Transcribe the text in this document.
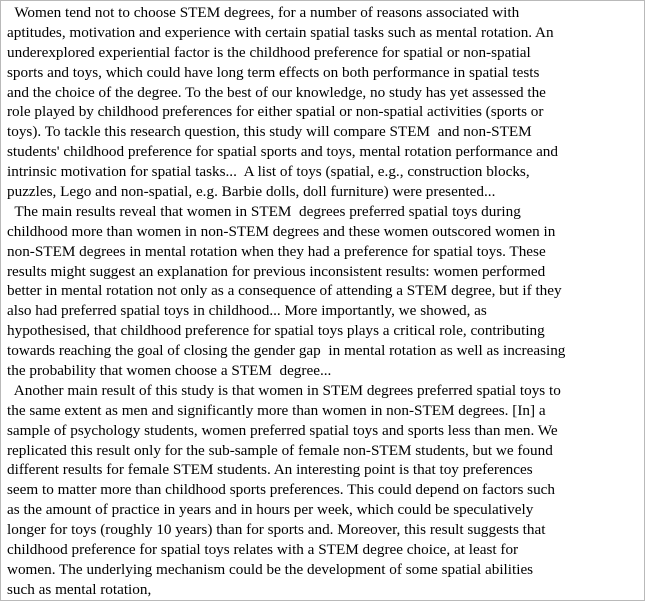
Women tend not to choose STEM degrees, for a number of reasons associated with
aptitudes, motivation and experience with certain spatial tasks such as mental rotation. An
underexplored experiential factor is the childhood preference for spatial or non-spatial
sports and toys, which could have long term effects on both performance in spatial tests
and the choice of the degree. To the best of our knowledge, no study has yet assessed the
role played by childhood preferences for either spatial or non-spatial activities (sports or
toys). To tackle this research question, this study will compare STEM  and non-STEM
students' childhood preference for spatial sports and toys, mental rotation performance and
intrinsic motivation for spatial tasks...  A list of toys (spatial, e.g., construction blocks,
puzzles, Lego and non-spatial, e.g. Barbie dolls, doll furniture) were presented...
The main results reveal that women in STEM  degrees preferred spatial toys during
childhood more than women in non-STEM degrees and these women outscored women in
non-STEM degrees in mental rotation when they had a preference for spatial toys. These
results might suggest an explanation for previous inconsistent results: women performed
better in mental rotation not only as a consequence of attending a STEM degree, but if they
also had preferred spatial toys in childhood... More importantly, we showed, as
hypothesised, that childhood preference for spatial toys plays a critical role, contributing
towards reaching the goal of closing the gender gap  in mental rotation as well as increasing
the probability that women choose a STEM  degree...
Another main result of this study is that women in STEM degrees preferred spatial toys to
the same extent as men and significantly more than women in non-STEM degrees. [In] a
sample of psychology students, women preferred spatial toys and sports less than men. We
replicated this result only for the sub-sample of female non-STEM students, but we found
different results for female STEM students. An interesting point is that toy preferences
seem to matter more than childhood sports preferences. This could depend on factors such
as the amount of practice in years and in hours per week, which could be speculatively
longer for toys (roughly 10 years) than for sports and. Moreover, this result suggests that
childhood preference for spatial toys relates with a STEM degree choice, at least for
women. The underlying mechanism could be the development of some spatial abilities
such as mental rotation,
